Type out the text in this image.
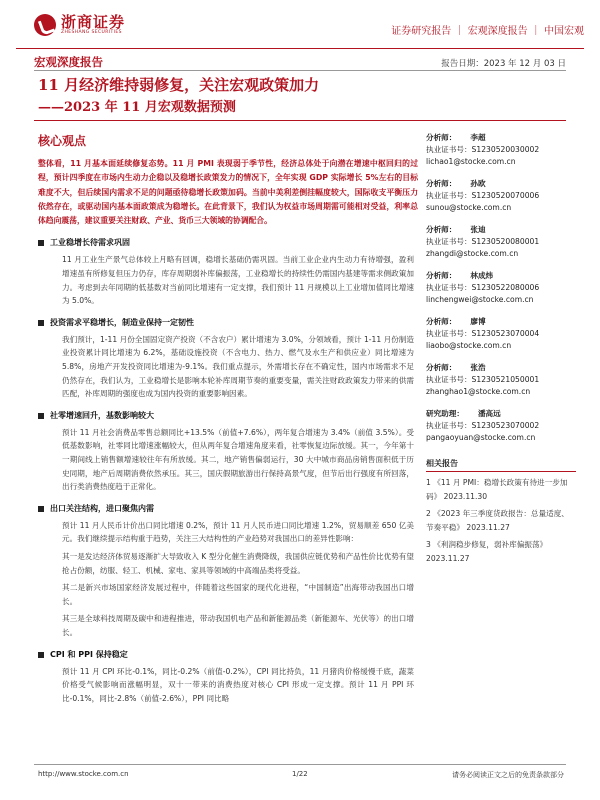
浙商证券
ZHESHANG SECURITIES	证券研究报告 ｜ 宏观深度报告 ｜ 中国宏观
宏观深度报告	报告日期：2023 年 12 月 03 日
11 月经济维持弱修复，关注宏观政策加力
——2023 年 11 月宏观数据预测
核心观点
整体看，11 月基本面延续修复态势。11 月 PMI 表现弱于季节性，经济总体处于向潜在增速中枢回归的过程，预计四季度在市场内生动力企稳以及稳增长政策发力的情况下，全年实现 GDP 实际增长 5%左右的目标难度不大，但后续国内需求不足的问题亟待稳增长政策加码。当前中美利差倒挂幅度较大，国际收支平衡压力依然存在，或驱动国内基本面政策成为稳增长。在此背景下，我们认为权益市场周期需可能相对受益，利率总体趋向震荡，建议重要关注财政、产业、货币三大领域的协调配合。
工业稳增长待需求巩固
11 月工业生产景气总体较上月略有回调，稳增长基础仍需巩固。当前工业企业内生动力有待增强，盈利增速虽有所修复但压力仍存，库存周期弱补库偏振荡，工业稳增长的持续性仍需国内基建等需求侧政策加力。考虑到去年同期的低基数对当前同比增速有一定支撑，我们预计 11 月规模以上工业增加值同比增速为 5.0%。
投资需求平稳增长，制造业保持一定韧性
我们预计，1-11 月份全国固定资产投资（不含农户）累计增速为 3.0%，分领域看，预计 1-11 月份制造业投资累计同比增速为 6.2%，基础设施投资（不含电力、热力、燃气及水生产和供应业）同比增速为 5.8%，房地产开发投资同比增速为-9.1%。我们重点提示，外需增长存在不确定性，国内市场需求不足仍然存在，我们认为，工业稳增长是影响本轮补库周期节奏的重要变量，需关注财政政策发力带来的供需匹配，补库周期的强度也成为国内投资的重要影响因素。
社零增速回升，基数影响较大
预计 11 月社会消费品零售总额同比+13.5%（前值+7.6%），两年复合增速为 3.4%（前值 3.5%）。受低基数影响，社零同比增速涨幅较大，但从两年复合增速角度来看，社零恢复边际放缓。其一，今年第十一期间线上销售额增速较往年有所放缓。其二，地产销售偏弱运行，30 大中城市商品房销售面积低于历史同期，地产后周期消费依然承压。其三，国庆假期旅游出行保持高景气度，但节后出行强度有所回落，出行类消费热度趋于正常化。
出口关注结构，进口聚焦内需
预计 11 月人民币计价出口同比增速 0.2%，预计 11 月人民币进口同比增速 1.2%，贸易顺差 650 亿美元。我们继续提示结构重于趋势，关注三大结构性的产业趋势对我国出口的差异性影响：
其一是发达经济体贸易逐渐扩大导致收入 K 型分化催生消费降级，我国供应链优势和产品性价比优势有望抢占份额，纺服、轻工、机械、家电、家具等领域的中高端品类将受益。
其二是新兴市场国家经济发展过程中，伴随着这些国家的现代化进程，“中国制造”出海带动我国出口增长。
其三是全球科技周期及碳中和进程推进，带动我国机电产品和新能源品类（新能源车、光伏等）的出口增长。
CPI 和 PPI 保持稳定
预计 11 月 CPI 环比-0.1%，同比-0.2%（前值-0.2%），CPI 同比持负，11 月猪肉价格缓慢千底，蔬菜价格受气候影响而涨幅明显，双十一带来的消费热度对核心 CPI 形成一定支撑。预计 11 月 PPI 环比-0.1%，同比-2.8%（前值-2.6%），PPI 同比略
分析师： 李超
执业证书号：S1230520030002
lichao1@stocke.com.cn
分析师： 孙欧
执业证书号：S1230520070006
sunou@stocke.com.cn
分析师： 张迪
执业证书号：S1230520080001
zhangdi@stocke.com.cn
分析师： 林成炜
执业证书号：S1230522080006
linchengwei@stocke.com.cn
分析师： 廖博
执业证书号：S1230523070004
liaobo@stocke.com.cn
分析师： 张浩
执业证书号：S1230521050001
zhanghao1@stocke.com.cn
研究助理： 潘高远
执业证书号：S1230523070002
pangaoyuan@stocke.com.cn
相关报告
1 《11 月 PMI：稳增长政策有待进一步加码》 2023.11.30
2 《2023 年三季度货政报告：总量适度、节奏平稳》 2023.11.27
3 《利润稳步修复，弱补库偏振荡》 2023.11.27
http://www.stocke.com.cn	1/22	请务必阅读正文之后的免责条款部分
